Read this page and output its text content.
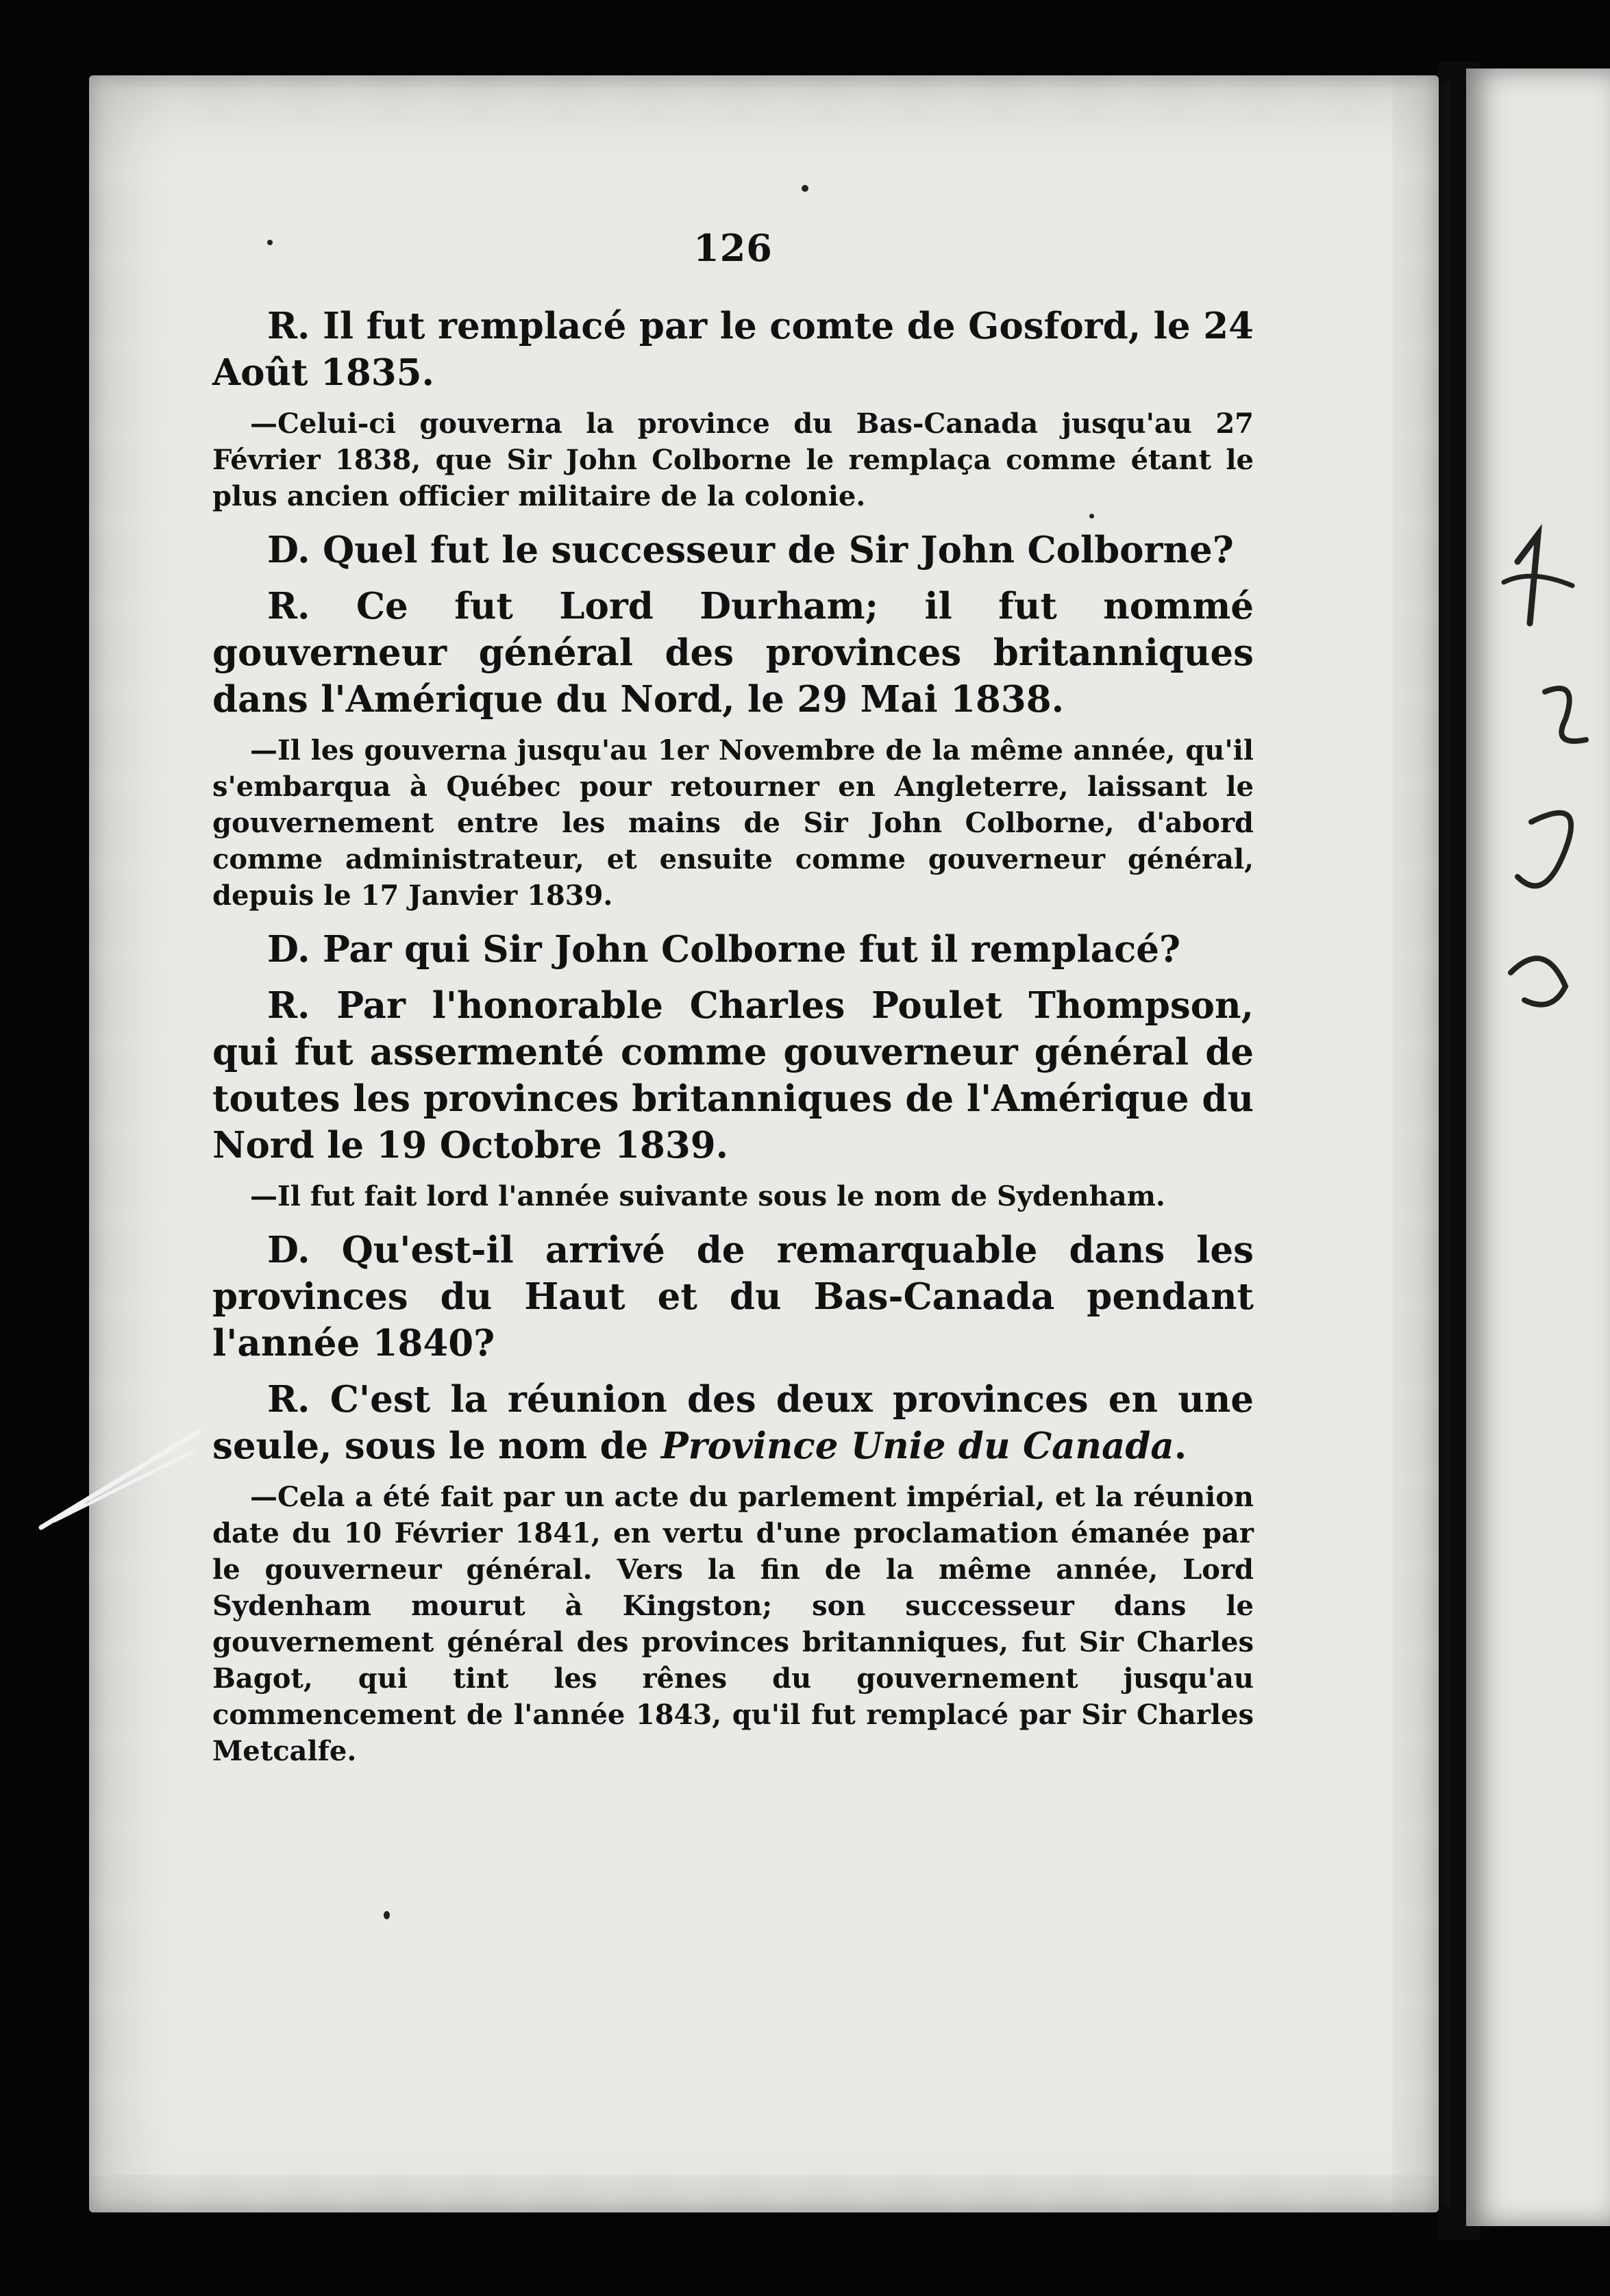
126

R. Il fut remplacé par le comte de Gosford, le 24 Août 1835.

—Celui-ci gouverna la province du Bas-Canada jusqu'au 27 Février 1838, que Sir John Colborne le remplaça comme étant le plus ancien officier militaire de la colonie.

D. Quel fut le successeur de Sir John Colborne?

R. Ce fut Lord Durham; il fut nommé gouverneur général des provinces britanniques dans l'Amérique du Nord, le 29 Mai 1838.

—Il les gouverna jusqu'au 1er Novembre de la même année, qu'il s'embarqua à Québec pour retourner en Angleterre, laissant le gouvernement entre les mains de Sir John Colborne, d'abord comme administrateur, et ensuite comme gouverneur général, depuis le 17 Janvier 1839.

D. Par qui Sir John Colborne fut il remplacé?

R. Par l'honorable Charles Poulet Thompson, qui fut assermenté comme gouverneur général de toutes les provinces britanniques de l'Amérique du Nord le 19 Octobre 1839.

—Il fut fait lord l'année suivante sous le nom de Sydenham.

D. Qu'est-il arrivé de remarquable dans les provinces du Haut et du Bas-Canada pendant l'année 1840?

R. C'est la réunion des deux provinces en une seule, sous le nom de Province Unie du Canada.

—Cela a été fait par un acte du parlement impérial, et la réunion date du 10 Février 1841, en vertu d'une proclamation émanée par le gouverneur général. Vers la fin de la même année, Lord Sydenham mourut à Kingston; son successeur dans le gouvernement général des provinces britanniques, fut Sir Charles Bagot, qui tint les rênes du gouvernement jusqu'au commencement de l'année 1843, qu'il fut remplacé par Sir Charles Metcalfe.
